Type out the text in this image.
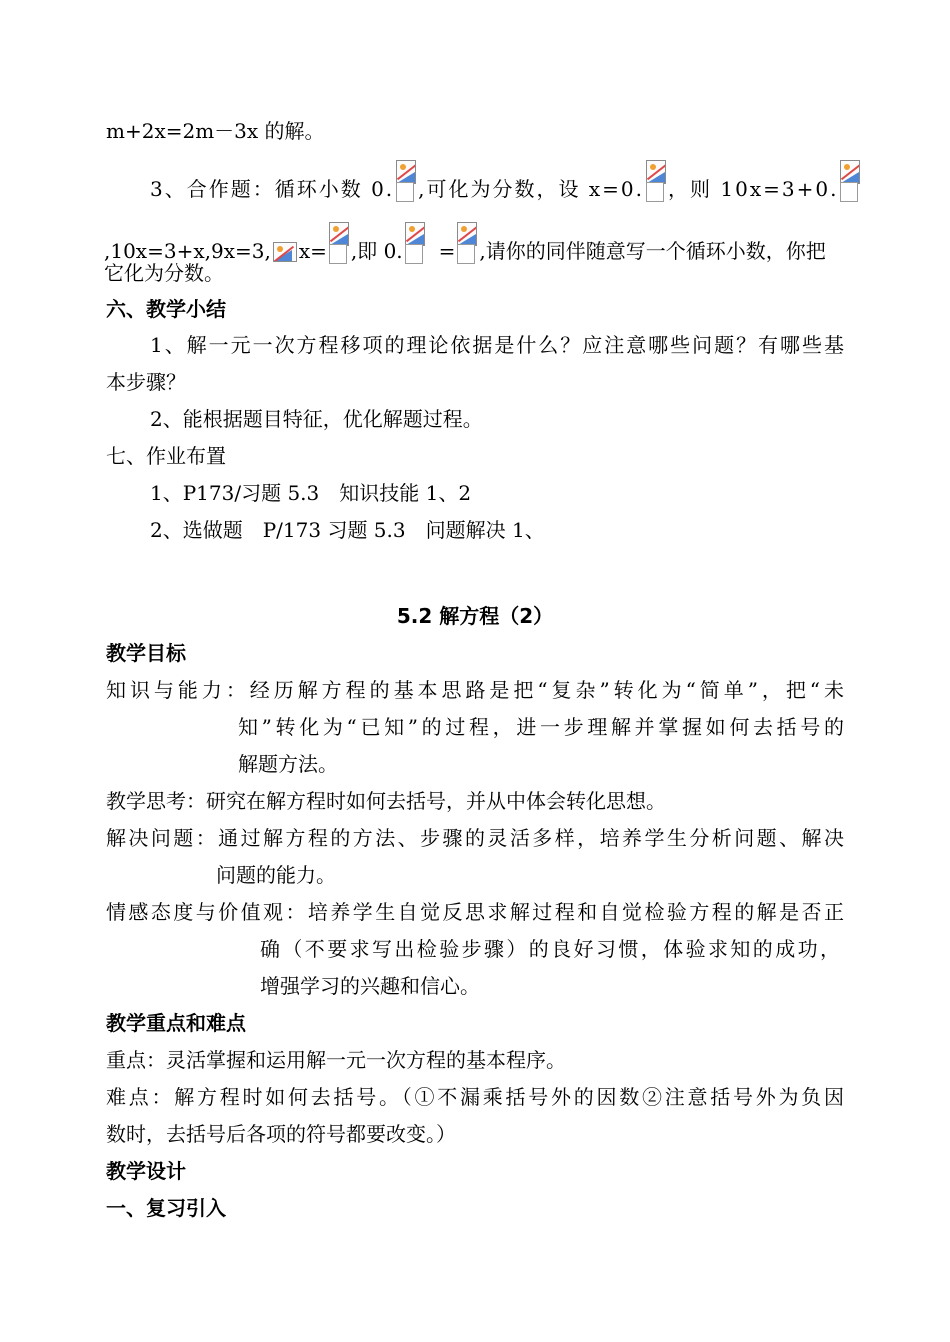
m+2x=2m－3x 的解。
3、合作题：循环小数 0. ,可化为分数，设 x=0. ，则 10x=3+0.
,10x=3+x,9x=3, x= ,即 0. = ,请你的同伴随意写一个循环小数，你把
它化为分数。
六、教学小结
1、解一元一次方程移项的理论依据是什么？应注意哪些问题？有哪些基
本步骤？
2、能根据题目特征，优化解题过程。
七、作业布置
1、P173/习题 5.3　知识技能 1、2
2、选做题　P/173 习题 5.3　问题解决 1、
5.2 解方程（2）
教学目标
知识与能力：经历解方程的基本思路是把“复杂”转化为“简单”，把“未
知”转化为“已知”的过程，进一步理解并掌握如何去括号的
解题方法。
教学思考：研究在解方程时如何去括号，并从中体会转化思想。
解决问题：通过解方程的方法、步骤的灵活多样，培养学生分析问题、解决
问题的能力。
情感态度与价值观：培养学生自觉反思求解过程和自觉检验方程的解是否正
确（不要求写出检验步骤）的良好习惯，体验求知的成功，
增强学习的兴趣和信心。
教学重点和难点
重点：灵活掌握和运用解一元一次方程的基本程序。
难点：解方程时如何去括号。（①不漏乘括号外的因数②注意括号外为负因
数时，去括号后各项的符号都要改变。）
教学设计
一、复习引入
